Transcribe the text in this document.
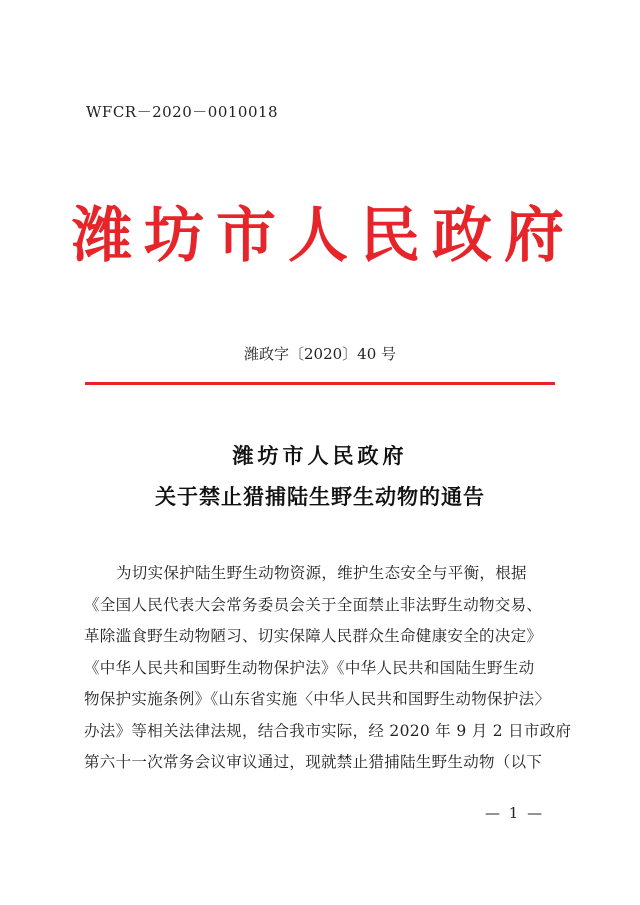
WFCR－2020－0010018
潍坊市人民政府
潍政字〔2020〕40 号
潍坊市人民政府
关于禁止猎捕陆生野生动物的通告
为切实保护陆生野生动物资源，维护生态安全与平衡，根据
《全国人民代表大会常务委员会关于全面禁止非法野生动物交易、
革除滥食野生动物陋习、切实保障人民群众生命健康安全的决定》
《中华人民共和国野生动物保护法》《中华人民共和国陆生野生动
物保护实施条例》《山东省实施〈中华人民共和国野生动物保护法〉
办法》等相关法律法规，结合我市实际，经 2020 年 9 月 2 日市政府
第六十一次常务会议审议通过，现就禁止猎捕陆生野生动物（以下
— 1 —
